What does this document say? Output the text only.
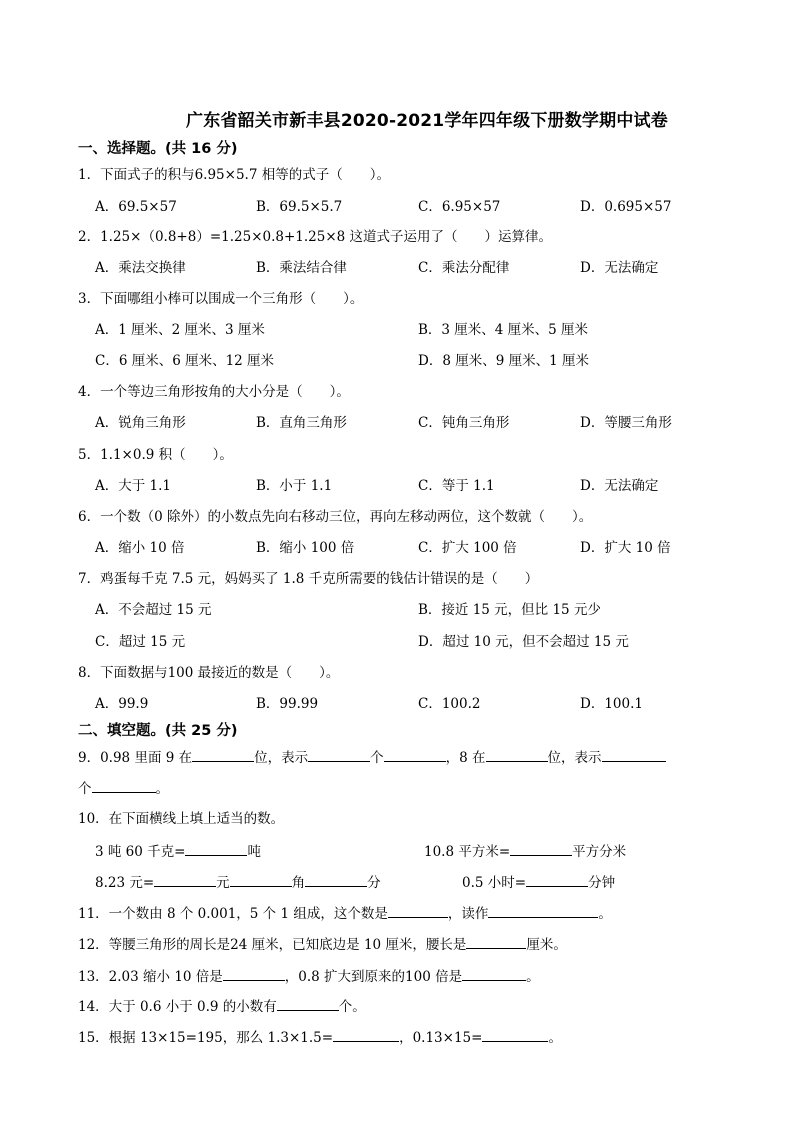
广东省韶关市新丰县2020-2021学年四年级下册数学期中试卷
一、选择题。(共 16 分)
1．下面式子的积与6.95×5.7 相等的式子（　　）。
A．69.5×57	B．69.5×5.7	C．6.95×57	D．0.695×57
2．1.25×（0.8+8）=1.25×0.8+1.25×8 这道式子运用了（　　）运算律。
A．乘法交换律	B．乘法结合律	C．乘法分配律	D．无法确定
3．下面哪组小棒可以围成一个三角形（　　）。
A．1 厘米、2 厘米、3 厘米	B．3 厘米、4 厘米、5 厘米
C．6 厘米、6 厘米、12 厘米	D．8 厘米、9 厘米、1 厘米
4．一个等边三角形按角的大小分是（　　）。
A．锐角三角形	B．直角三角形	C．钝角三角形	D．等腰三角形
5．1.1×0.9 积（　　）。
A．大于 1.1	B．小于 1.1	C．等于 1.1	D．无法确定
6．一个数（0 除外）的小数点先向右移动三位，再向左移动两位，这个数就（　　）。
A．缩小 10 倍	B．缩小 100 倍	C．扩大 100 倍	D．扩大 10 倍
7．鸡蛋每千克 7.5 元，妈妈买了 1.8 千克所需要的钱估计错误的是（　　）
A．不会超过 15 元	B．接近 15 元，但比 15 元少
C．超过 15 元	D．超过 10 元，但不会超过 15 元
8．下面数据与100 最接近的数是（　　）。
A．99.9	B．99.99	C．100.2	D．100.1
二、填空题。(共 25 分)
9．0.98 里面 9 在	位，表示	个	，8 在	位，表示
个	。
10．在下面横线上填上适当的数。
3 吨 60 千克=	吨	10.8 平方米=	平方分米
8.23 元=	元	角	分	0.5 小时=	分钟
11．一个数由 8 个 0.001，5 个 1 组成，这个数是	，读作	。
12．等腰三角形的周长是24 厘米，已知底边是 10 厘米，腰长是	厘米。
13．2.03 缩小 10 倍是	，0.8 扩大到原来的100 倍是	。
14．大于 0.6 小于 0.9 的小数有	个。
15．根据 13×15=195，那么 1.3×1.5=	，0.13×15=	。
